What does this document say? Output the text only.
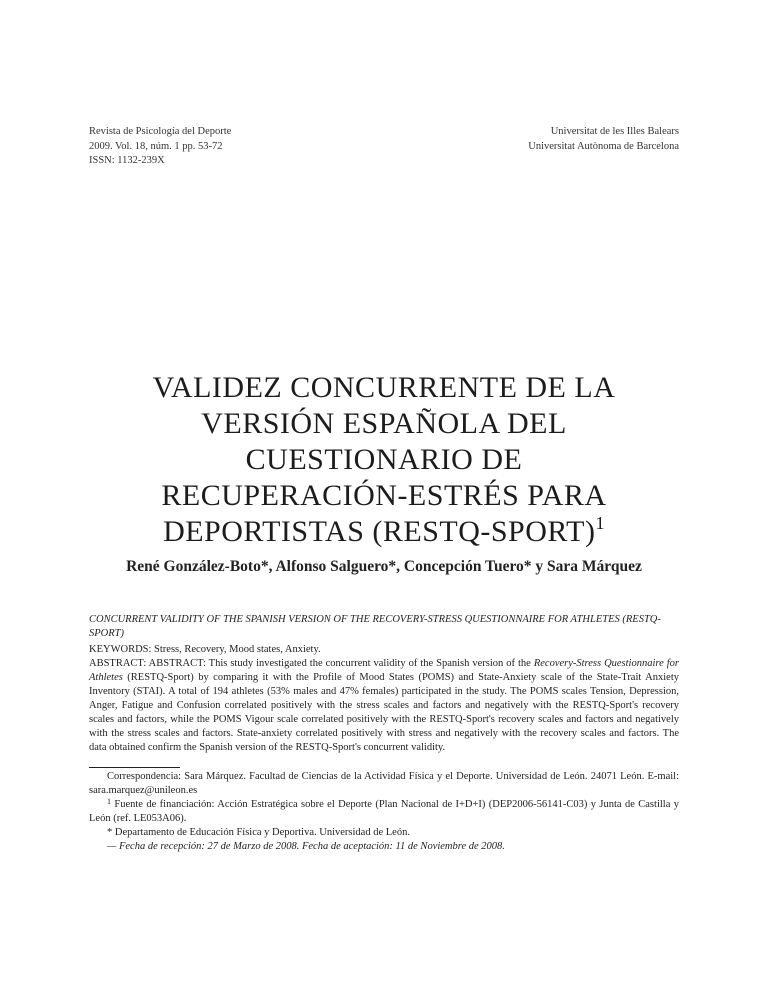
Revista de Psicología del Deporte
2009. Vol. 18, núm. 1 pp. 53-72
ISSN: 1132-239X
Universitat de les Illes Balears
Universitat Autònoma de Barcelona
VALIDEZ CONCURRENTE DE LA
VERSIÓN ESPAÑOLA DEL
CUESTIONARIO DE
RECUPERACIÓN-ESTRÉS PARA
DEPORTISTAS (RESTQ-SPORT)$^1$
René González-Boto*, Alfonso Salguero*, Concepción Tuero* y Sara Márquez
CONCURRENT VALIDITY OF THE SPANISH VERSION OF THE RECOVERY-STRESS QUESTIONNAIRE FOR ATHLETES (RESTQ-SPORT)
KEYWORDS: Stress, Recovery, Mood states, Anxiety.
ABSTRACT: ABSTRACT: This study investigated the concurrent validity of the Spanish version of the Recovery-Stress Questionnaire for Athletes (RESTQ-Sport) by comparing it with the Profile of Mood States (POMS) and State-Anxiety scale of the State-Trait Anxiety Inventory (STAI). A total of 194 athletes (53% males and 47% females) participated in the study. The POMS scales Tension, Depression, Anger, Fatigue and Confusion correlated positively with the stress scales and factors and negatively with the RESTQ-Sport's recovery scales and factors, while the POMS Vigour scale correlated positively with the RESTQ-Sport's recovery scales and factors and negatively with the stress scales and factors. State-anxiety correlated positively with stress and negatively with the recovery scales and factors. The data obtained confirm the Spanish version of the RESTQ-Sport's concurrent validity.

Correspondencia: Sara Márquez. Facultad de Ciencias de la Actividad Física y el Deporte. Universidad de León. 24071 León. E-mail: sara.marquez@unileon.es

$^1$ Fuente de financiación: Acción Estratégica sobre el Deporte (Plan Nacional de I+D+I) (DEP2006-56141-C03) y Junta de Castilla y León (ref. LE053A06).

* Departamento de Educación Física y Deportiva. Universidad de León.

— Fecha de recepción: 27 de Marzo de 2008. Fecha de aceptación: 11 de Noviembre de 2008.
